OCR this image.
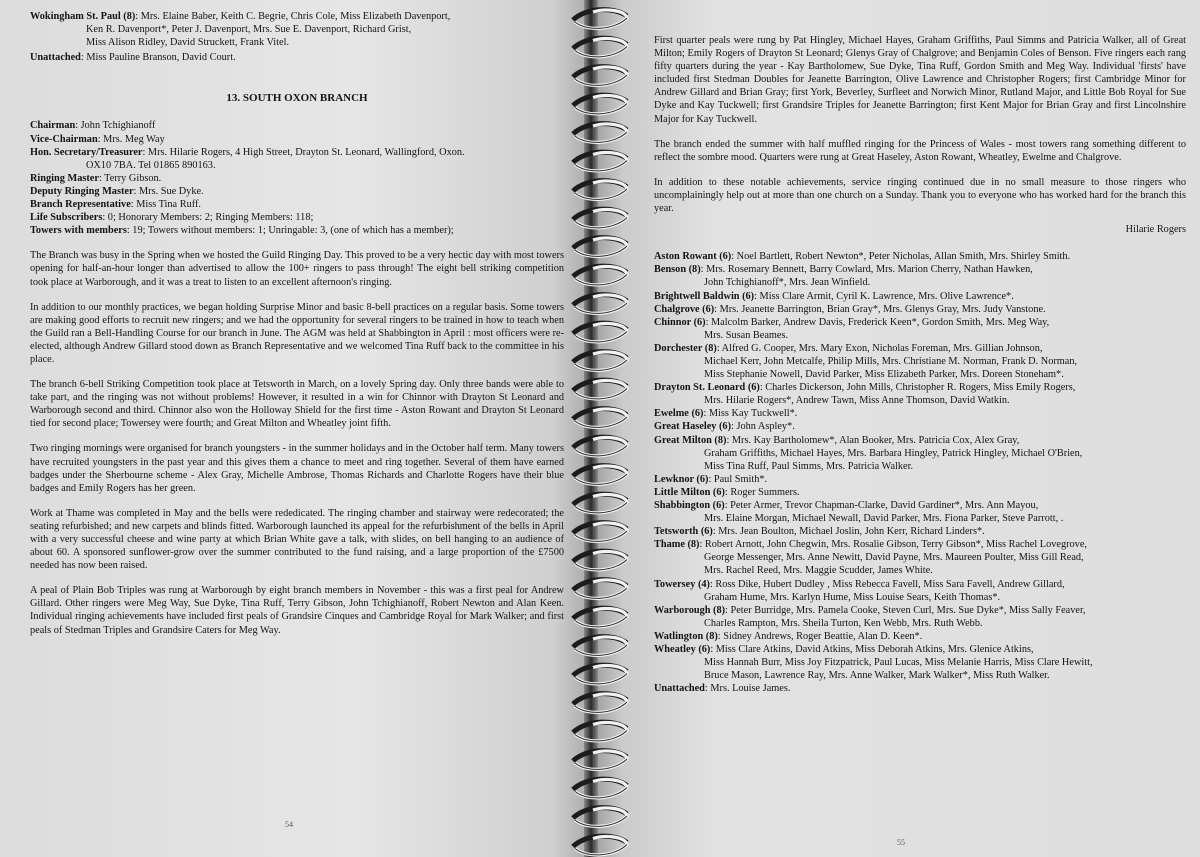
Wokingham St. Paul (8): Mrs. Elaine Baber, Keith C. Begrie, Chris Cole, Miss Elizabeth Davenport,
Ken R. Davenport*, Peter J. Davenport, Mrs. Sue E. Davenport, Richard Grist,
Miss Alison Ridley, David Struckett, Frank Vitel.
Unattached: Miss Pauline Branson, David Court.
13. SOUTH OXON BRANCH
Chairman: John Tchighianoff
Vice-Chairman: Mrs. Meg Way
Hon. Secretary/Treasurer: Mrs. Hilarie Rogers, 4 High Street, Drayton St. Leonard, Wallingford, Oxon.
OX10 7BA. Tel 01865 890163.
Ringing Master: Terry Gibson.
Deputy Ringing Master: Mrs. Sue Dyke.
Branch Representative: Miss Tina Ruff.
Life Subscribers: 0; Honorary Members: 2; Ringing Members: 118;
Towers with members: 19; Towers without members: 1; Unringable: 3, (one of which has a member);

The Branch was busy in the Spring when we hosted the Guild Ringing Day. This proved to be a very hectic day with most towers opening for half-an-hour longer than advertised to allow the 100+ ringers to pass through! The eight bell striking competition took place at Warborough, and it was a treat to listen to an excellent afternoon's ringing.

In addition to our monthly practices, we began holding Surprise Minor and basic 8-bell practices on a regular basis. Some towers are making good efforts to recruit new ringers; and we had the opportunity for several ringers to be trained in how to teach when the Guild ran a Bell-Handling Course for our branch in June. The AGM was held at Shabbington in April : most officers were re-elected, although Andrew Gillard stood down as Branch Representative and we welcomed Tina Ruff back to the committee in his place.

The branch 6-bell Striking Competition took place at Tetsworth in March, on a lovely Spring day. Only three bands were able to take part, and the ringing was not without problems! However, it resulted in a win for Chinnor with Drayton St Leonard and Warborough second and third. Chinnor also won the Holloway Shield for the first time - Aston Rowant and Drayton St Leonard tied for second place; Towersey were fourth; and Great Milton and Wheatley joint fifth.

Two ringing mornings were organised for branch youngsters - in the summer holidays and in the October half term. Many towers have recruited youngsters in the past year and this gives them a chance to meet and ring together. Several of them have earned badges under the Sherbourne scheme - Alex Gray, Michelle Ambrose, Thomas Richards and Charlotte Rogers have their blue badges and Emily Rogers has her green.

Work at Thame was completed in May and the bells were rededicated. The ringing chamber and stairway were redecorated; the seating refurbished; and new carpets and blinds fitted. Warborough launched its appeal for the refurbishment of the bells in April with a very successful cheese and wine party at which Brian White gave a talk, with slides, on bell hanging to an audience of about 60. A sponsored sunflower-grow over the summer contributed to the fund raising, and a large proportion of the £7500 needed has now been raised.

A peal of Plain Bob Triples was rung at Warborough by eight branch members in November - this was a first peal for Andrew Gillard. Other ringers were Meg Way, Sue Dyke, Tina Ruff, Terry Gibson, John Tchighianoff, Robert Newton and Alan Keen. Individual ringing achievements have included first peals of Grandsire Cinques and Cambridge Royal for Mark Walker; and first peals of Stedman Triples and Grandsire Caters for Meg Way.

54

First quarter peals were rung by Pat Hingley, Michael Hayes, Graham Griffiths, Paul Simms and Patricia Walker, all of Great Milton; Emily Rogers of Drayton St Leonard; Glenys Gray of Chalgrove; and Benjamin Coles of Benson. Five ringers each rang fifty quarters during the year - Kay Bartholomew, Sue Dyke, Tina Ruff, Gordon Smith and Meg Way. Individual 'firsts' have included first Stedman Doubles for Jeanette Barrington, Olive Lawrence and Christopher Rogers; first Cambridge Minor for Andrew Gillard and Brian Gray; first York, Beverley, Surfleet and Norwich Minor, Rutland Major, and Little Bob Royal for Sue Dyke and Kay Tuckwell; first Grandsire Triples for Jeanette Barrington; first Kent Major for Brian Gray and first Lincolnshire Major for Kay Tuckwell.

The branch ended the summer with half muffled ringing for the Princess of Wales - most towers rang something different to reflect the sombre mood. Quarters were rung at Great Haseley, Aston Rowant, Wheatley, Ewelme and Chalgrove.

In addition to these notable achievements, service ringing continued due in no small measure to those ringers who uncomplainingly help out at more than one church on a Sunday. Thank you to everyone who has worked hard for the branch this year.

Hilarie Rogers
Aston Rowant (6): Noel Bartlett, Robert Newton*, Peter Nicholas, Allan Smith, Mrs. Shirley Smith.
Benson (8): Mrs. Rosemary Bennett, Barry Cowlard, Mrs. Marion Cherry, Nathan Hawken,
John Tchighianoff*, Mrs. Jean Winfield.
Brightwell Baldwin (6): Miss Clare Armit, Cyril K. Lawrence, Mrs. Olive Lawrence*.
Chalgrove (6): Mrs. Jeanette Barrington, Brian Gray*, Mrs. Glenys Gray, Mrs. Judy Vanstone.
Chinnor (6): Malcolm Barker, Andrew Davis, Frederick Keen*, Gordon Smith, Mrs. Meg Way,
Mrs. Susan Beames.
Dorchester (8): Alfred G. Cooper, Mrs. Mary Exon, Nicholas Foreman, Mrs. Gillian Johnson,
Michael Kerr, John Metcalfe, Philip Mills, Mrs. Christiane M. Norman, Frank D. Norman,
Miss Stephanie Nowell, David Parker, Miss Elizabeth Parker, Mrs. Doreen Stoneham*.
Drayton St. Leonard (6): Charles Dickerson, John Mills, Christopher R. Rogers, Miss Emily Rogers,
Mrs. Hilarie Rogers*, Andrew Tawn, Miss Anne Thomson, David Watkin.
Ewelme (6): Miss Kay Tuckwell*.
Great Haseley (6): John Aspley*.
Great Milton (8): Mrs. Kay Bartholomew*, Alan Booker, Mrs. Patricia Cox, Alex Gray,
Graham Griffiths, Michael Hayes, Mrs. Barbara Hingley, Patrick Hingley, Michael O'Brien,
Miss Tina Ruff, Paul Simms, Mrs. Patricia Walker.
Lewknor (6): Paul Smith*.
Little Milton (6): Roger Summers.
Shabbington (6): Peter Armer, Trevor Chapman-Clarke, David Gardiner*, Mrs. Ann Mayou,
Mrs. Elaine Morgan, Michael Newall, David Parker, Mrs. Fiona Parker, Steve Parrott, .
Tetsworth (6): Mrs. Jean Boulton, Michael Joslin, John Kerr, Richard Linders*.
Thame (8): Robert Arnott, John Chegwin, Mrs. Rosalie Gibson, Terry Gibson*, Miss Rachel Lovegrove,
George Messenger, Mrs. Anne Newitt, David Payne, Mrs. Maureen Poulter, Miss Gill Read,
Mrs. Rachel Reed, Mrs. Maggie Scudder, James White.
Towersey (4): Ross Dike, Hubert Dudley , Miss Rebecca Favell, Miss Sara Favell, Andrew Gillard,
Graham Hume, Mrs. Karlyn Hume, Miss Louise Sears, Keith Thomas*.
Warborough (8): Peter Burridge, Mrs. Pamela Cooke, Steven Curl, Mrs. Sue Dyke*, Miss Sally Feaver,
Charles Rampton, Mrs. Sheila Turton, Ken Webb, Mrs. Ruth Webb.
Watlington (8): Sidney Andrews, Roger Beattie, Alan D. Keen*.
Wheatley (6): Miss Clare Atkins, David Atkins, Miss Deborah Atkins, Mrs. Glenice Atkins,
Miss Hannah Burr, Miss Joy Fitzpatrick, Paul Lucas, Miss Melanie Harris, Miss Clare Hewitt,
Bruce Mason, Lawrence Ray, Mrs. Anne Walker, Mark Walker*, Miss Ruth Walker.
Unattached: Mrs. Louise James.
55
